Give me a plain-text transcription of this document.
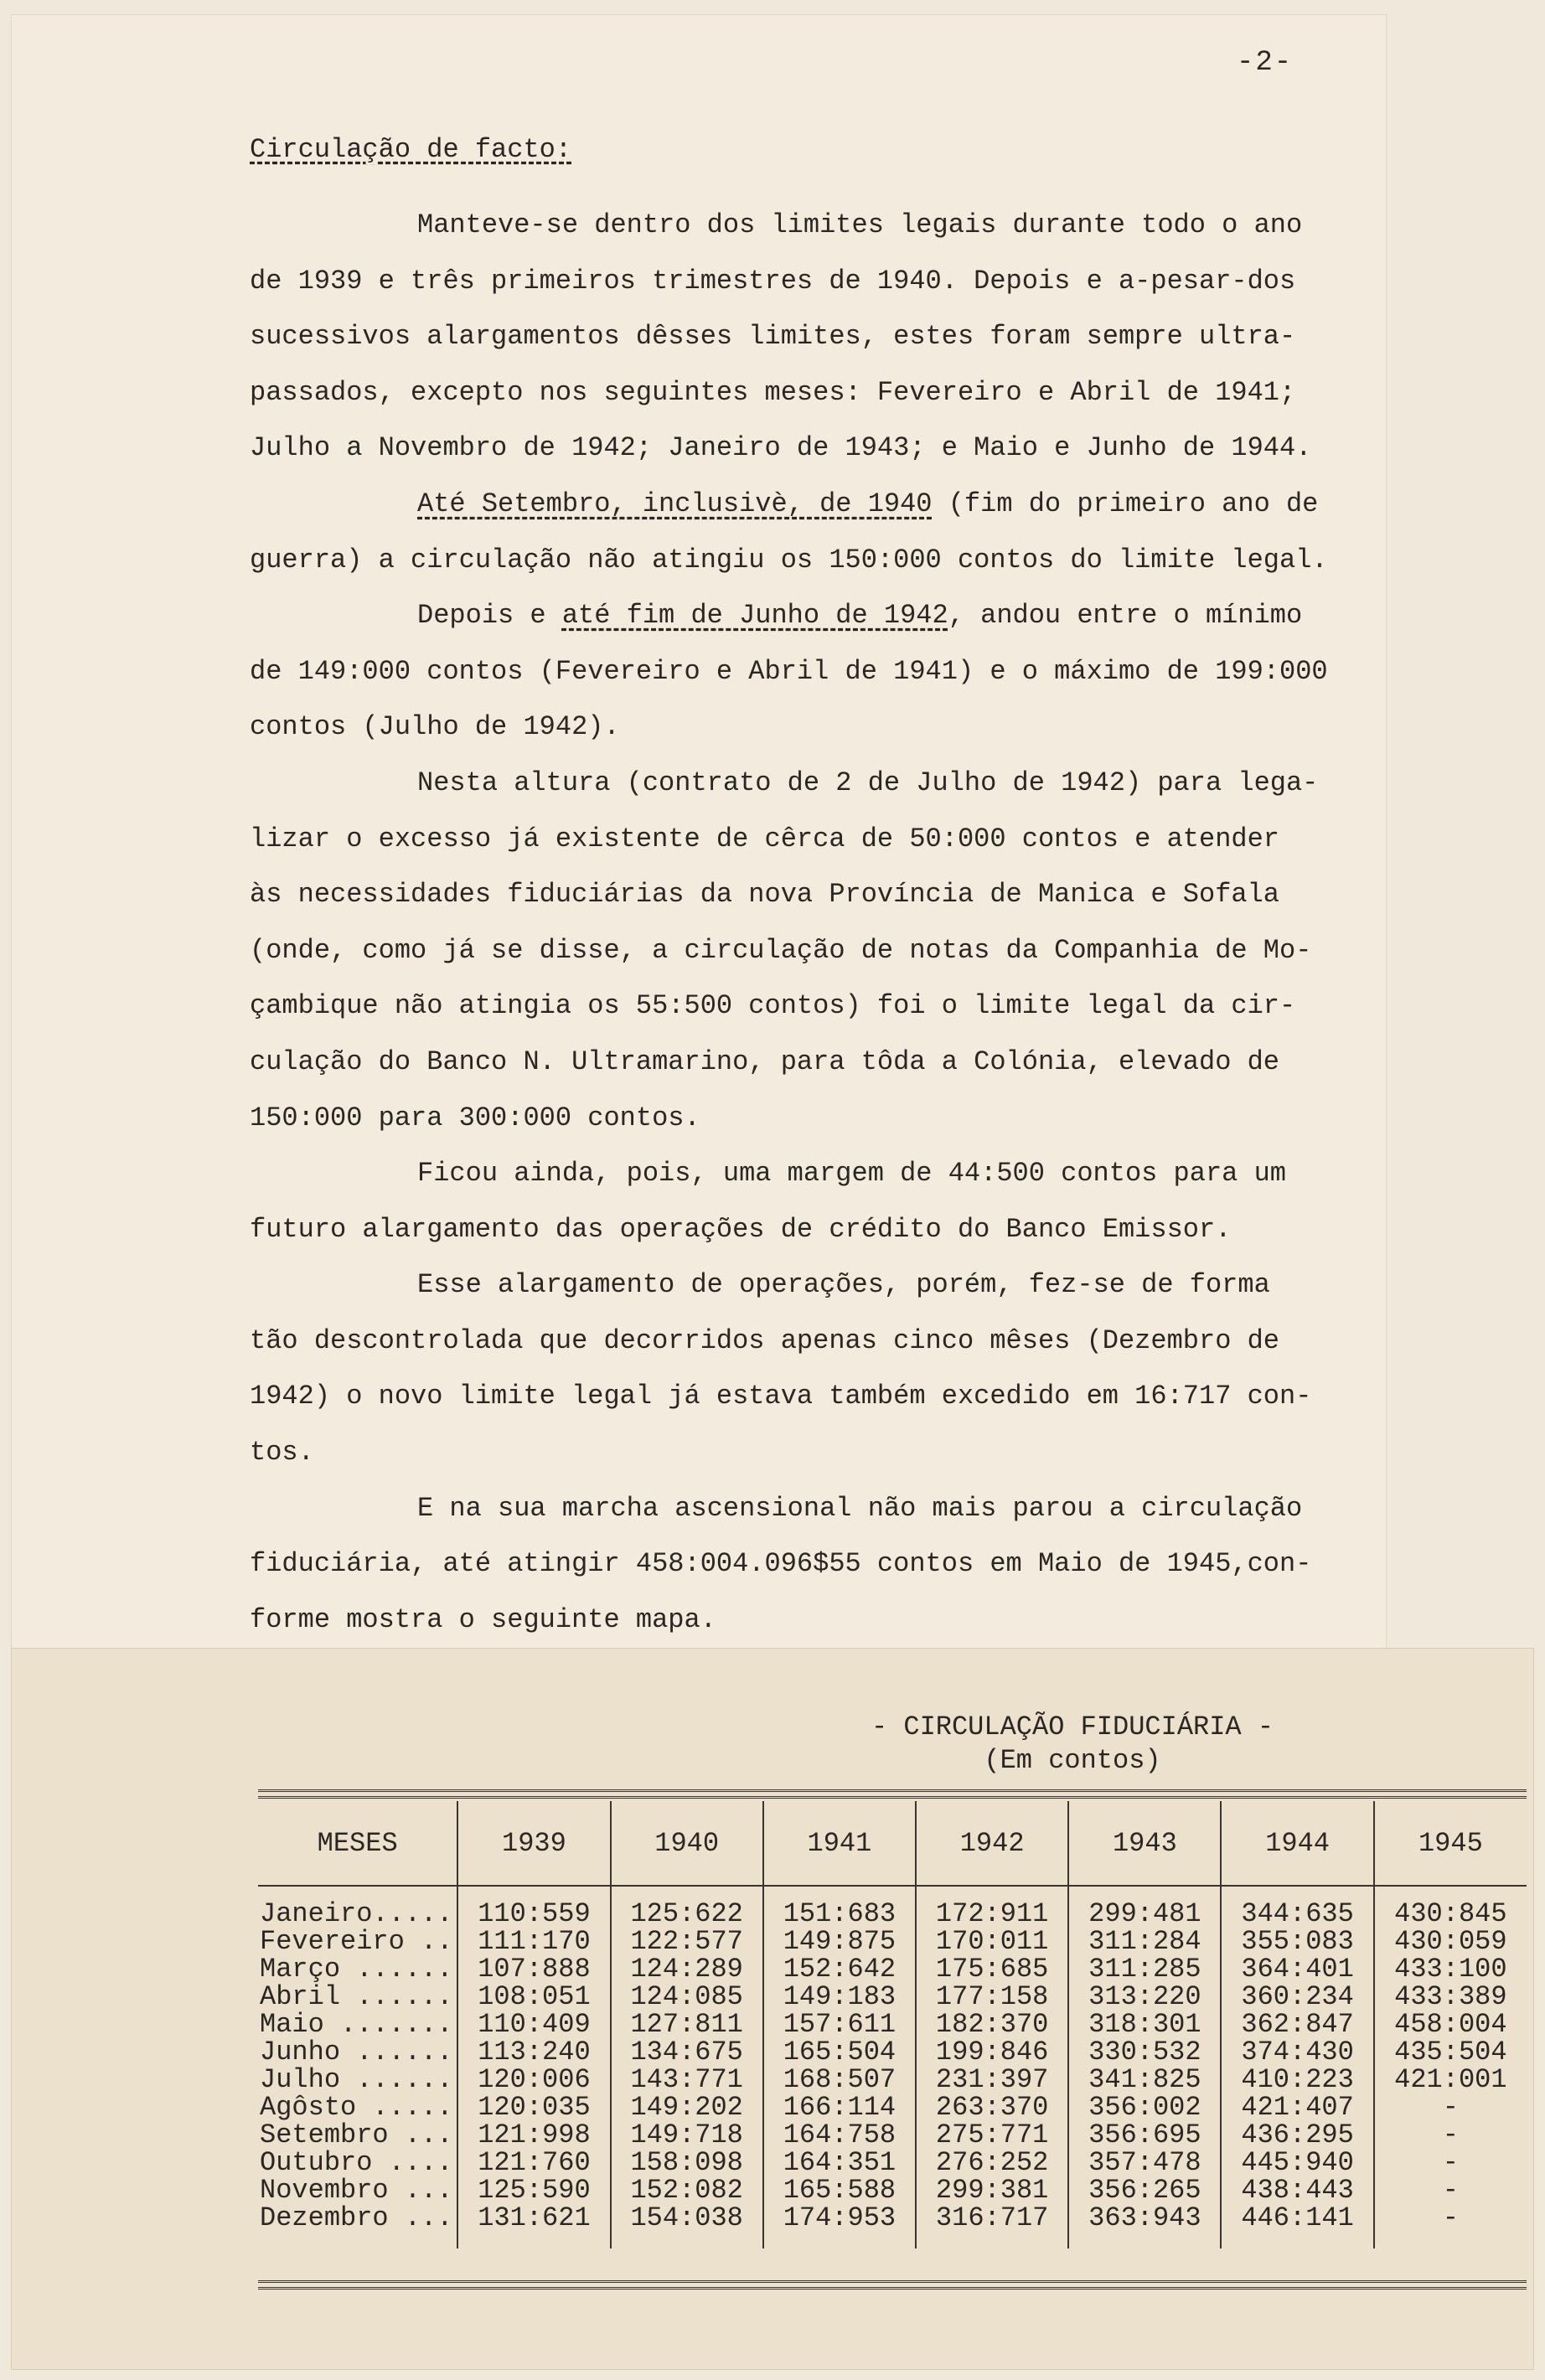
-2-
Circulação de facto:

Manteve-se dentro dos limites legais durante todo o ano

de 1939 e três primeiros trimestres de 1940. Depois e a-pesar-dos

sucessivos alargamentos dêsses limites, estes foram sempre ultra-

passados, excepto nos seguintes meses: Fevereiro e Abril de 1941;

Julho a Novembro de 1942; Janeiro de 1943; e Maio e Junho de 1944.

Até Setembro, inclusivè, de 1940 (fim do primeiro ano de

guerra) a circulação não atingiu os 150:000 contos do limite legal.

Depois e até fim de Junho de 1942, andou entre o mínimo

de 149:000 contos (Fevereiro e Abril de 1941) e o máximo de 199:000

contos (Julho de 1942).

Nesta altura (contrato de 2 de Julho de 1942) para lega-

lizar o excesso já existente de cêrca de 50:000 contos e atender

às necessidades fiduciárias da nova Província de Manica e Sofala

(onde, como já se disse, a circulação de notas da Companhia de Mo-

çambique não atingia os 55:500 contos) foi o limite legal da cir-

culação do Banco N. Ultramarino, para tôda a Colónia, elevado de

150:000 para 300:000 contos.

Ficou ainda, pois, uma margem de 44:500 contos para um

futuro alargamento das operações de crédito do Banco Emissor.

Esse alargamento de operações, porém, fez-se de forma

tão descontrolada que decorridos apenas cinco mêses (Dezembro de

1942) o novo limite legal já estava também excedido em 16:717 con-

tos.

E na sua marcha ascensional não mais parou a circulação

fiduciária, até atingir 458:004.096$55 contos em Maio de 1945,con-

forme mostra o seguinte mapa.

- CIRCULAÇÃO FIDUCIÁRIA -
(Em contos)
MESES	1939	1940	1941	1942	1943	1944	1945
Janeiro.....	110:559	125:622	151:683	172:911	299:481	344:635	430:845
Fevereiro ..	111:170	122:577	149:875	170:011	311:284	355:083	430:059
Março ......	107:888	124:289	152:642	175:685	311:285	364:401	433:100
Abril ......	108:051	124:085	149:183	177:158	313:220	360:234	433:389
Maio .......	110:409	127:811	157:611	182:370	318:301	362:847	458:004
Junho ......	113:240	134:675	165:504	199:846	330:532	374:430	435:504
Julho ......	120:006	143:771	168:507	231:397	341:825	410:223	421:001
Agôsto .....	120:035	149:202	166:114	263:370	356:002	421:407	-
Setembro ...	121:998	149:718	164:758	275:771	356:695	436:295	-
Outubro ....	121:760	158:098	164:351	276:252	357:478	445:940	-
Novembro ...	125:590	152:082	165:588	299:381	356:265	438:443	-
Dezembro ...	131:621	154:038	174:953	316:717	363:943	446:141	-
